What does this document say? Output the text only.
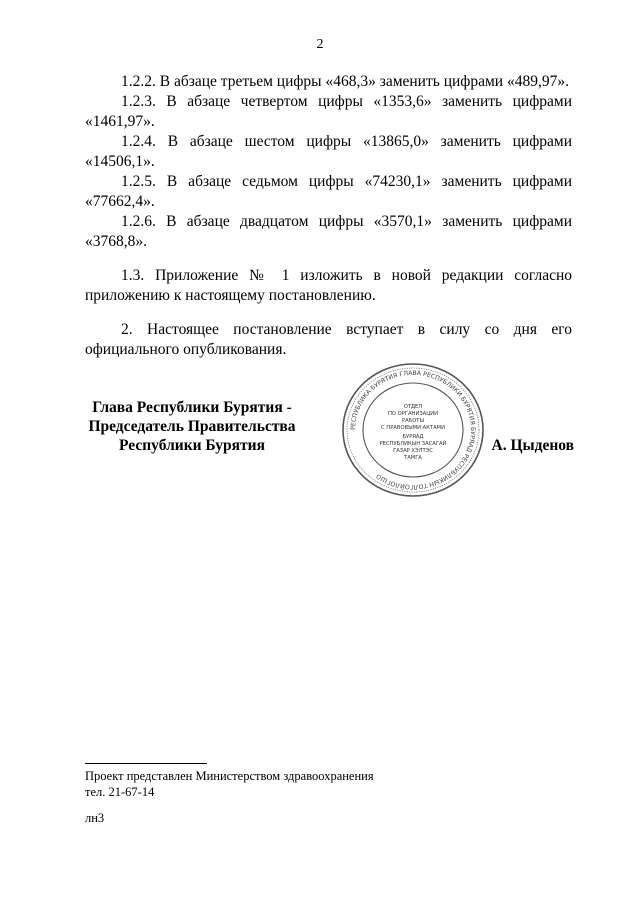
2

1.2.2. В абзаце третьем цифры «468,3» заменить цифрами «489,97».

1.2.3. В абзаце четвертом цифры «1353,6» заменить цифрами «1461,97».

1.2.4. В абзаце шестом цифры «13865,0» заменить цифрами «14506,1».

1.2.5. В абзаце седьмом цифры «74230,1» заменить цифрами «77662,4».

1.2.6. В абзаце двадцатом цифры «3570,1» заменить цифрами «3768,8».

1.3. Приложение № 1 изложить в новой редакции согласно приложению к настоящему постановлению.

2. Настоящее постановление вступает в силу со дня его официального опубликования.

Глава Республики Бурятия -
Председатель Правительства
Республики Бурятия
РЕСПУБЛИКА БУРЯТИЯ ГЛАВА РЕСПУБЛИКИ БУРЯТИЯ БУРЯАД РЕСПУБЛИКЫН ТОЛГОЙЛОГШО
ОТДЕЛ
ПО ОРГАНИЗАЦИИ
РАБОТЫ
С ПРАВОВЫМИ АКТАМИ
БУРЯАД
РЕСПУБЛИКЫН ЗАСАГАЙ
ГАЗАР ХЭЛТЭС
ТАМГА
А. Цыденов
Проект представлен Министерством здравоохранения
тел. 21-67-14
лн3
